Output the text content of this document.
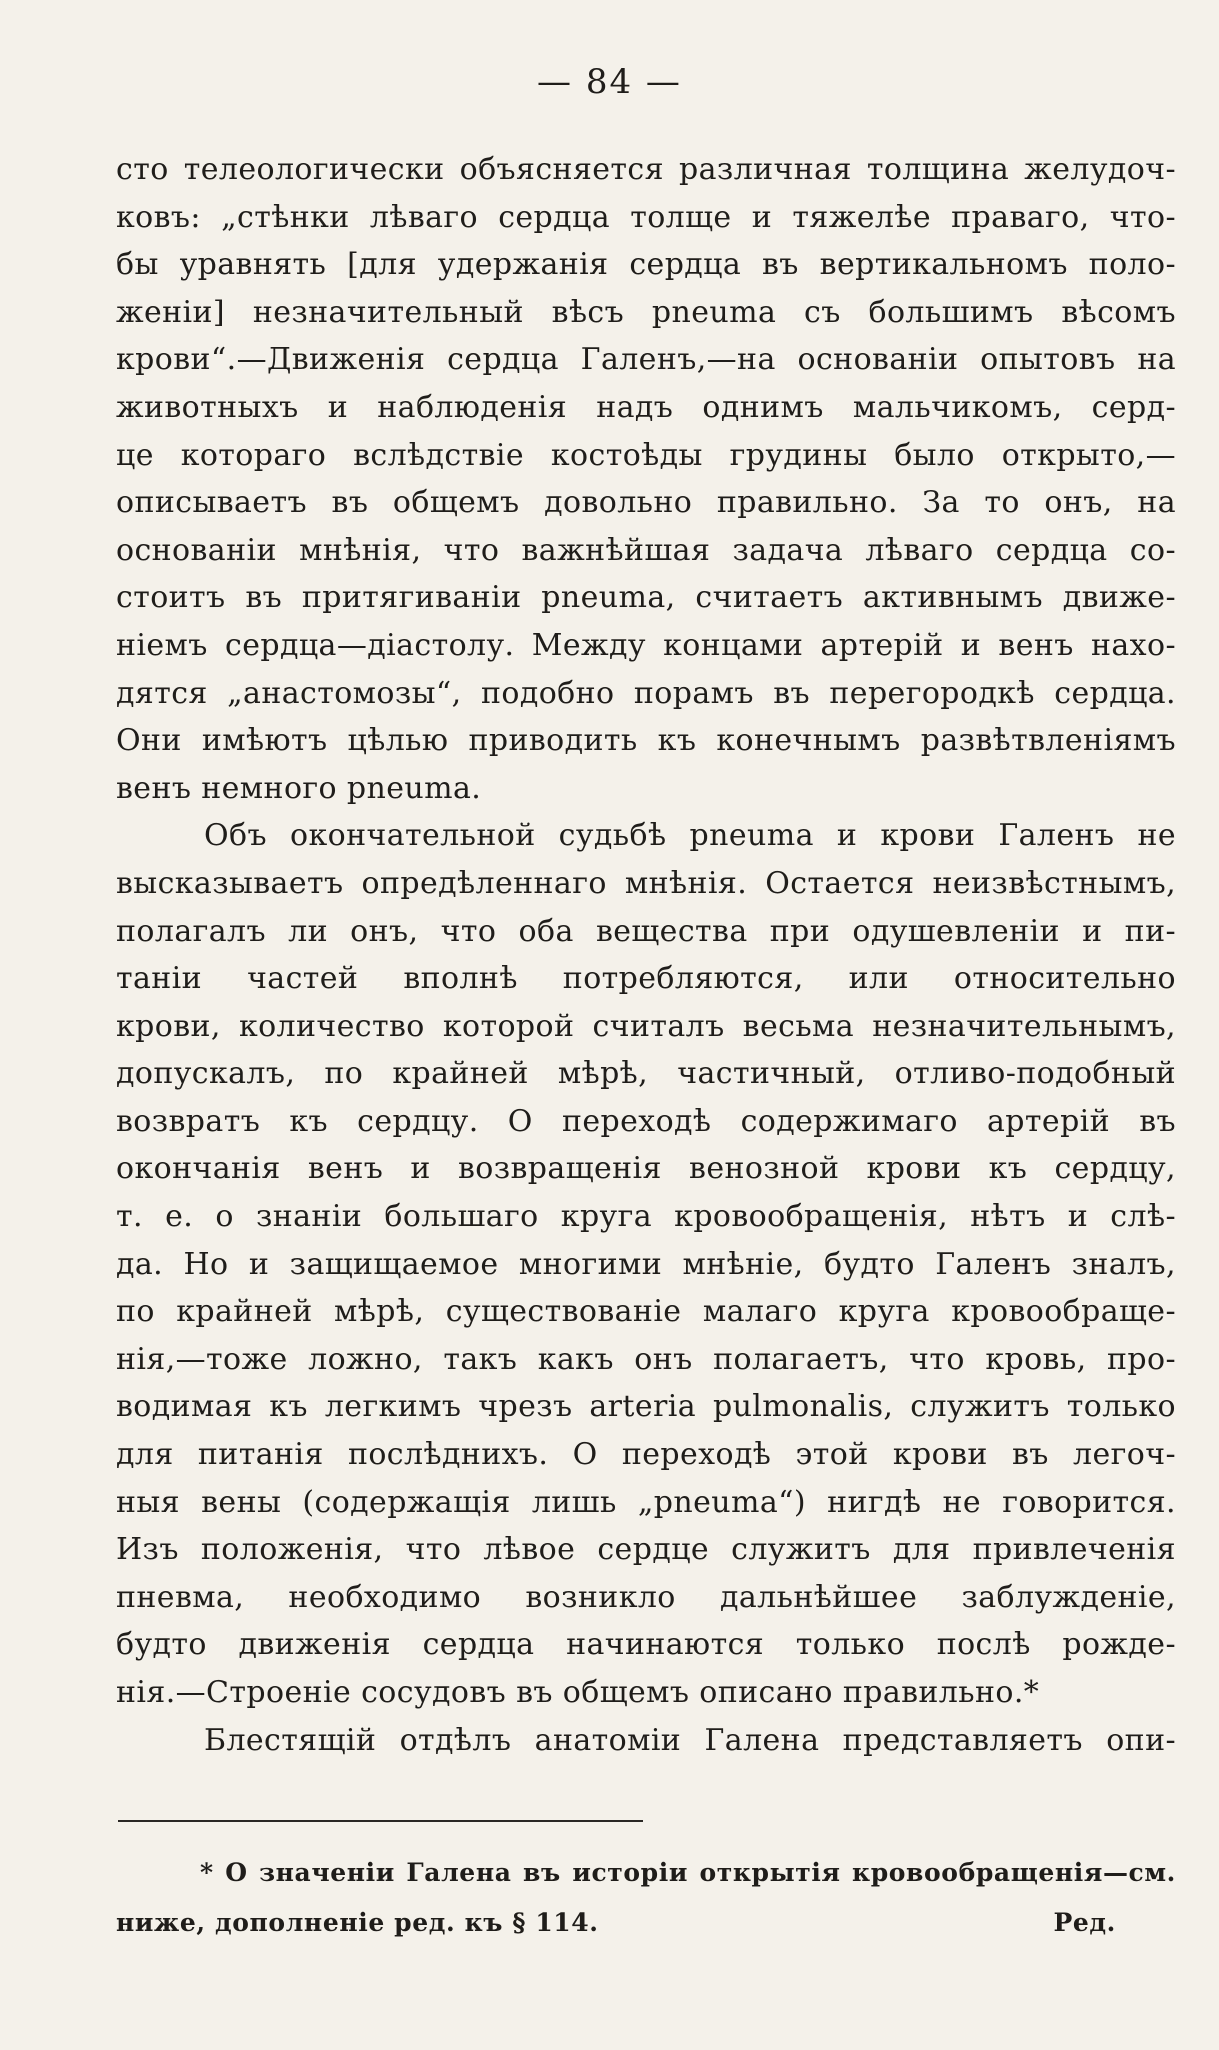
— 84 —
сто телеологически объясняется различная толщина желудоч-
ковъ: „стѣнки лѣваго сердца толще и тяжелѣе праваго, что-
бы уравнять [для удержанія сердца въ вертикальномъ поло-
женіи] незначительный вѣсъ pneuma съ большимъ вѣсомъ
крови“.—Движенія сердца Галенъ,—на основаніи опытовъ на
животныхъ и наблюденія надъ однимъ мальчикомъ, серд-
це котораго вслѣдствіе костоѣды грудины было открыто,—
описываетъ въ общемъ довольно правильно. За то онъ, на
основаніи мнѣнія, что важнѣйшая задача лѣваго сердца со-
стоитъ въ притягиваніи pneuma, считаетъ активнымъ движе-
ніемъ сердца—діастолу. Между концами артерій и венъ нахо-
дятся „анастомозы“, подобно порамъ въ перегородкѣ сердца.
Они имѣютъ цѣлью приводить къ конечнымъ развѣтвленіямъ
венъ немного pneuma.
Объ окончательной судьбѣ pneuma и крови Галенъ не
высказываетъ опредѣленнаго мнѣнія. Остается неизвѣстнымъ,
полагалъ ли онъ, что оба вещества при одушевленіи и пи-
таніи частей вполнѣ потребляются, или относительно
крови, количество которой считалъ весьма незначительнымъ,
допускалъ, по крайней мѣрѣ, частичный, отливо-подобный
возвратъ къ сердцу. О переходѣ содержимаго артерій въ
окончанія венъ и возвращенія венозной крови къ сердцу,
т. е. о знаніи большаго круга кровообращенія, нѣтъ и слѣ-
да. Но и защищаемое многими мнѣніе, будто Галенъ зналъ,
по крайней мѣрѣ, существованіе малаго круга кровообраще-
нія,—тоже ложно, такъ какъ онъ полагаетъ, что кровь, про-
водимая къ легкимъ чрезъ arteria pulmonalis, служитъ только
для питанія послѣднихъ. О переходѣ этой крови въ легоч-
ныя вены (содержащія лишь „pneuma“) нигдѣ не говорится.
Изъ положенія, что лѣвое сердце служитъ для привлеченія
пневма, необходимо возникло дальнѣйшее заблужденіе,
будто движенія сердца начинаются только послѣ рожде-
нія.—Строеніе сосудовъ въ общемъ описано правильно.*
Блестящій отдѣлъ анатоміи Галена представляетъ опи-
* О значеніи Галена въ исторіи открытія кровообращенія—см.
ниже, дополненіе ред. къ § 114.	Ред.
